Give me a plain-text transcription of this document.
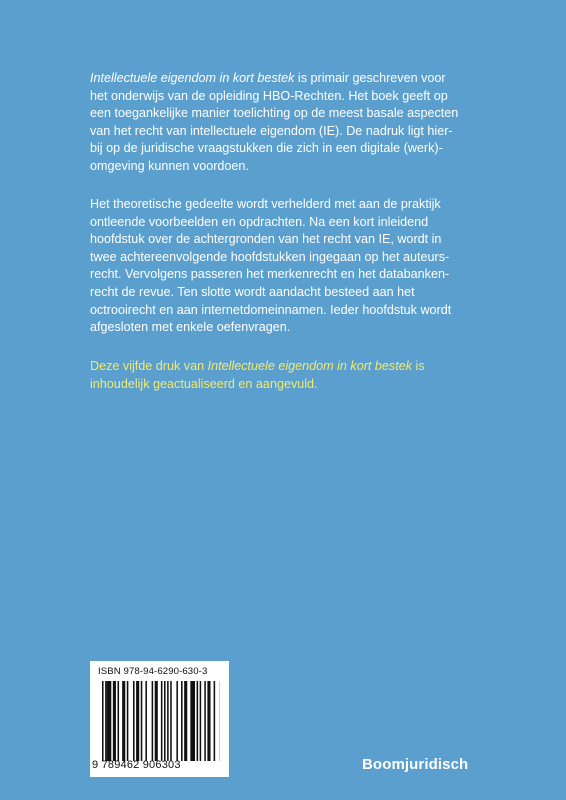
Intellectuele eigendom in kort bestek is primair geschreven voor
het onderwijs van de opleiding HBO-Rechten. Het boek geeft op
een toegankelijke manier toelichting op de meest basale aspecten
van het recht van intellectuele eigendom (IE). De nadruk ligt hier-
bij op de juridische vraagstukken die zich in een digitale (werk)-
omgeving kunnen voordoen.

Het theoretische gedeelte wordt verhelderd met aan de praktijk
ontleende voorbeelden en opdrachten. Na een kort inleidend
hoofdstuk over de achtergronden van het recht van IE, wordt in
twee achtereenvolgende hoofdstukken ingegaan op het auteurs-
recht. Vervolgens passeren het merkenrecht en het databanken-
recht de revue. Ten slotte wordt aandacht besteed aan het
octrooirecht en aan internetdomeinnamen. Ieder hoofdstuk wordt
afgesloten met enkele oefenvragen.

Deze vijfde druk van Intellectuele eigendom in kort bestek is
inhoudelijk geactualiseerd en aangevuld.

ISBN 978-94-6290-630-3
9 789462 906303	Boomjuridisch
